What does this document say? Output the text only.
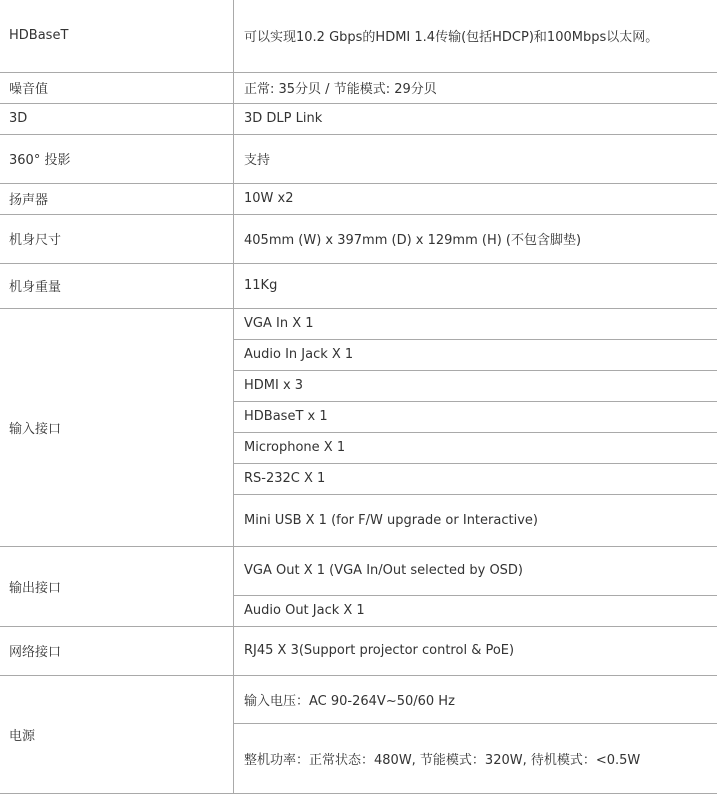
HDBaseT	可以实现10.2 Gbps的HDMI 1.4传输(包括HDCP)和100Mbps以太网。
噪音值	正常: 35分贝 / 节能模式: 29分贝
3D	3D DLP Link
360° 投影	支持
扬声器	10W x2
机身尺寸	405mm (W) x 397mm (D) x 129mm (H) (不包含脚垫)
机身重量	11Kg
输入接口	VGA In X 1
	Audio In Jack X 1
	HDMI x 3
	HDBaseT x 1
	Microphone X 1
	RS-232C X 1
	Mini USB X 1 (for F/W upgrade or Interactive)
输出接口	VGA Out X 1 (VGA In/Out selected by OSD)
	Audio Out Jack X 1
网络接口	RJ45 X 3(Support projector control & PoE)
电源	输入电压：AC 90-264V~50/60 Hz
	整机功率：正常状态：480W, 节能模式：320W, 待机模式：<0.5W
